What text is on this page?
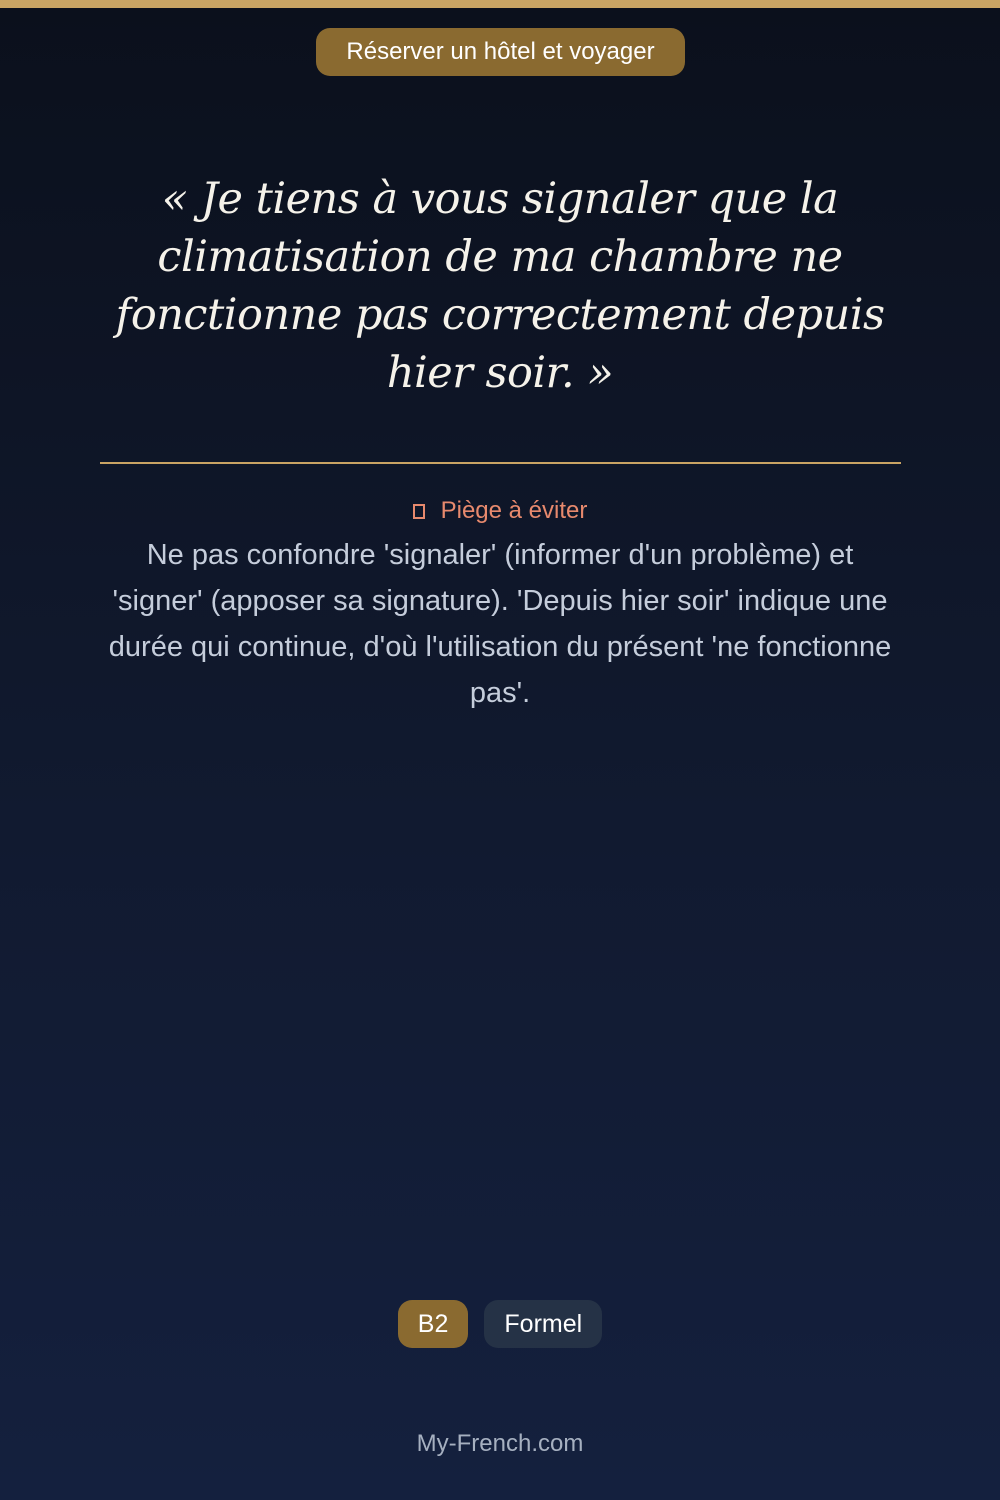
Réserver un hôtel et voyager

« Je tiens à vous signaler que la climatisation de ma chambre ne fonctionne pas correctement depuis hier soir. »

Piège à éviter

Ne pas confondre 'signaler' (informer d'un problème) et 'signer' (apposer sa signature). 'Depuis hier soir' indique une durée qui continue, d'où l'utilisation du présent 'ne fonctionne pas'.

B2	Formel
My-French.com
